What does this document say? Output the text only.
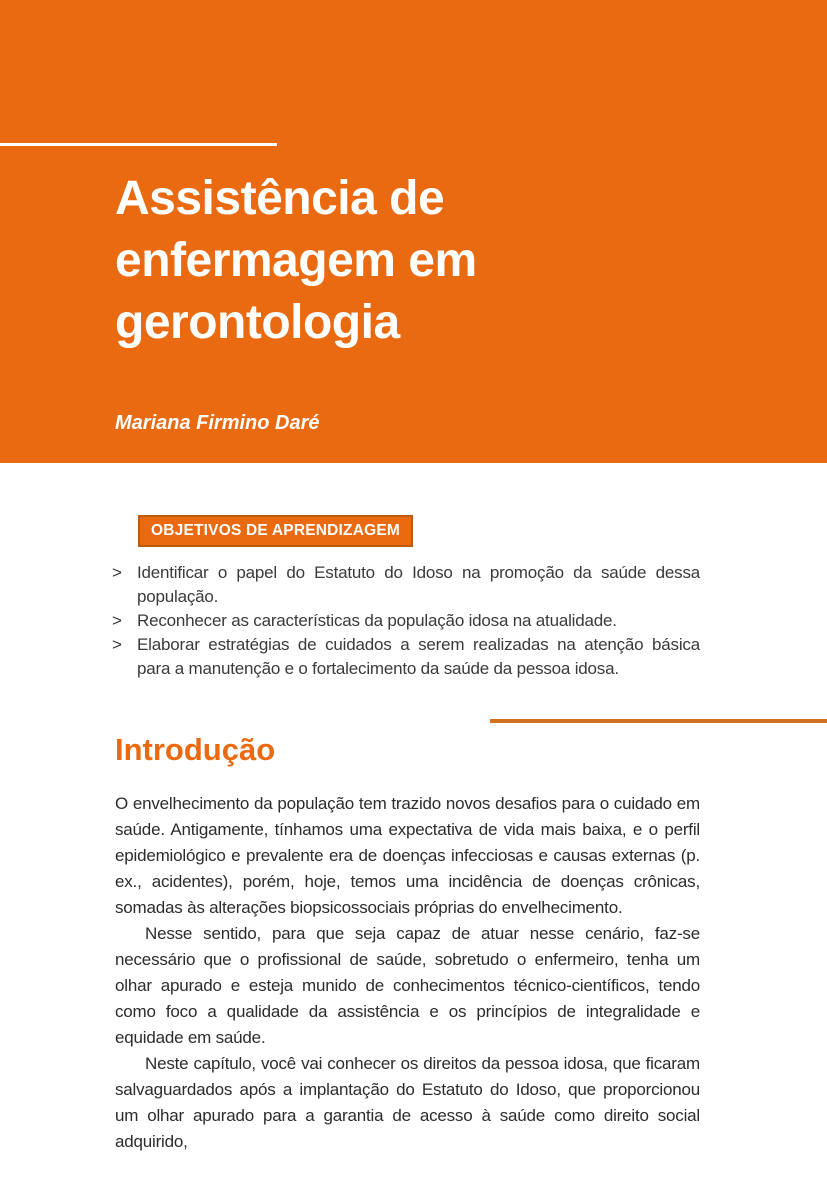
Assistência de
enfermagem em
gerontologia

Mariana Firmino Daré

OBJETIVOS DE APRENDIZAGEM
> Identificar o papel do Estatuto do Idoso na promoção da saúde dessa população.
> Reconhecer as características da população idosa na atualidade.
> Elaborar estratégias de cuidados a serem realizadas na atenção básica para a manutenção e o fortalecimento da saúde da pessoa idosa.
Introdução

O envelhecimento da população tem trazido novos desafios para o cuidado em saúde. Antigamente, tínhamos uma expectativa de vida mais baixa, e o perfil epidemiológico e prevalente era de doenças infecciosas e causas externas (p. ex., acidentes), porém, hoje, temos uma incidência de doenças crônicas, somadas às alterações biopsicossociais próprias do envelhecimento.

Nesse sentido, para que seja capaz de atuar nesse cenário, faz-se necessário que o profissional de saúde, sobretudo o enfermeiro, tenha um olhar apurado e esteja munido de conhecimentos técnico-científicos, tendo como foco a qualidade da assistência e os princípios de integralidade e equidade em saúde.

Neste capítulo, você vai conhecer os direitos da pessoa idosa, que ficaram salvaguardados após a implantação do Estatuto do Idoso, que proporcionou um olhar apurado para a garantia de acesso à saúde como direito social adquirido,
